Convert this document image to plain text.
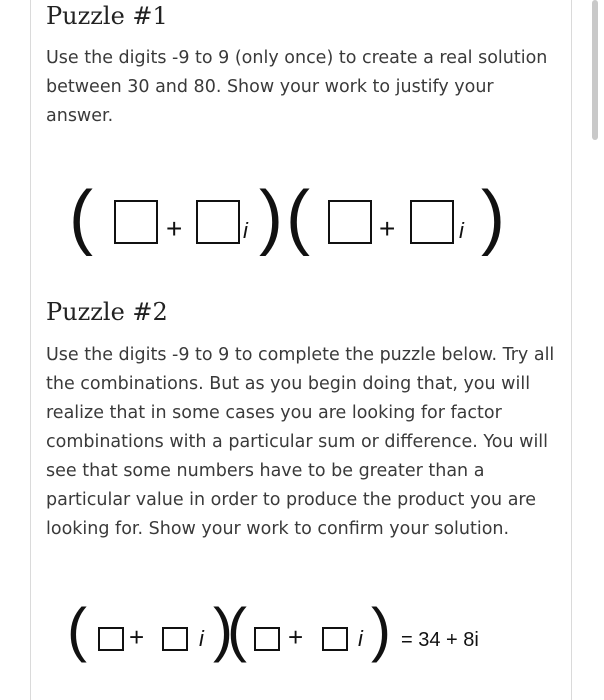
Puzzle #1

Use the digits -9 to 9 (only once) to create a real solution between 30 and 80. Show your work to justify your answer.

( ) ( )
+	+
i	i
Puzzle #2

Use the digits -9 to 9 to complete the puzzle below. Try all the combinations. But as you begin doing that, you will realize that in some cases you are looking for factor combinations with a particular sum or difference. You will see that some numbers have to be greater than a particular value in order to produce the product you are looking for. Show your work to confirm your solution.

( )
( )
+	+
i	i = 34 + 8i
